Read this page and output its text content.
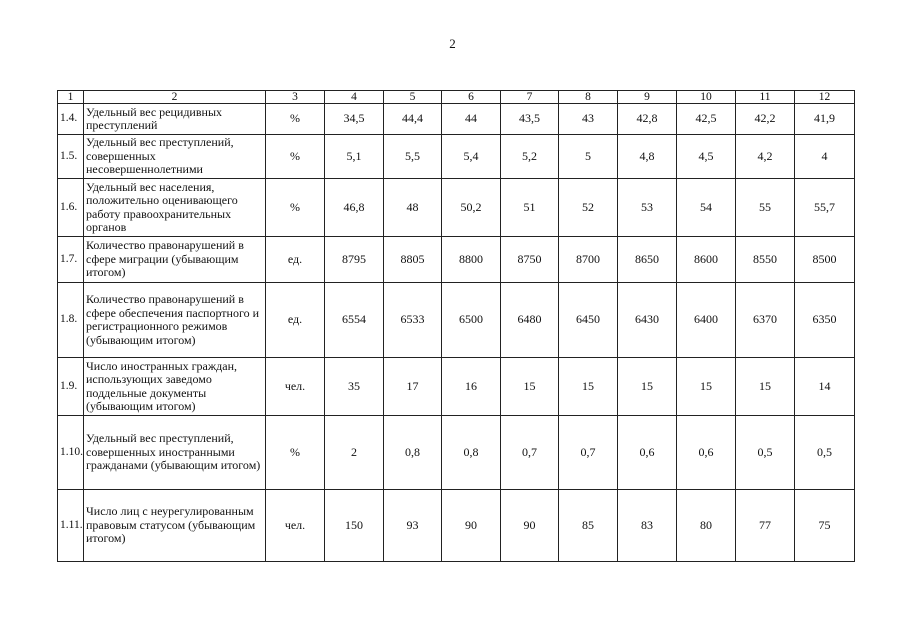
2
1	2	3	4	5	6	7	8	9	10	11	12
1.4.	Удельный вес рецидивных преступлений	%	34,5	44,4	44	43,5	43	42,8	42,5	42,2	41,9
1.5.	Удельный вес преступлений, совершенных несовершеннолетними	%	5,1	5,5	5,4	5,2	5	4,8	4,5	4,2	4
1.6.	Удельный вес населения, положительно оценивающего работу правоохранительных органов	%	46,8	48	50,2	51	52	53	54	55	55,7
1.7.	Количество правонарушений в сфере миграции (убывающим итогом)	ед.	8795	8805	8800	8750	8700	8650	8600	8550	8500
1.8.	Количество правонарушений в сфере обеспечения паспортного и регистрационного режимов (убывающим итогом)	ед.	6554	6533	6500	6480	6450	6430	6400	6370	6350
1.9.	Число иностранных граждан, использующих заведомо поддельные документы (убывающим итогом)	чел.	35	17	16	15	15	15	15	15	14
1.10.	Удельный вес преступлений, совершенных иностранными гражданами (убывающим итогом)	%	2	0,8	0,8	0,7	0,7	0,6	0,6	0,5	0,5
1.11.	Число лиц с неурегулированным правовым статусом (убывающим итогом)	чел.	150	93	90	90	85	83	80	77	75
